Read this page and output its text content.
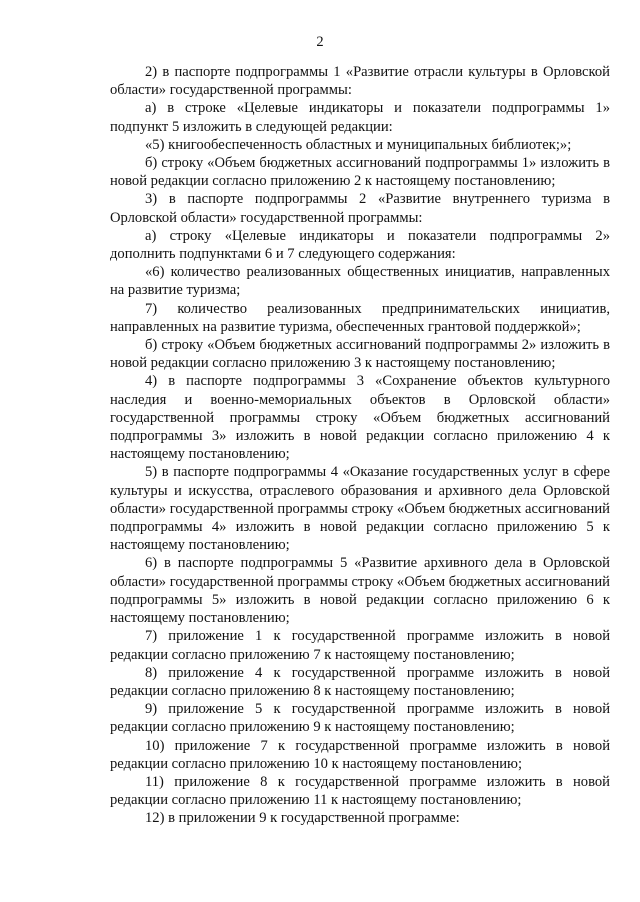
2

2) в паспорте подпрограммы 1 «Развитие отрасли культуры в Орловской области» государственной программы:

а) в строке «Целевые индикаторы и показатели подпрограммы 1» подпункт 5 изложить в следующей редакции:

«5) книгообеспеченность областных и муниципальных библиотек;»;

б) строку «Объем бюджетных ассигнований подпрограммы 1» изложить в новой редакции согласно приложению 2 к настоящему постановлению;

3) в паспорте подпрограммы 2 «Развитие внутреннего туризма в Орловской области» государственной программы:

а) строку «Целевые индикаторы и показатели подпрограммы 2» дополнить подпунктами 6 и 7 следующего содержания:

«6) количество реализованных общественных инициатив, направленных на развитие туризма;

7) количество реализованных предпринимательских инициатив, направленных на развитие туризма, обеспеченных грантовой поддержкой»;

б) строку «Объем бюджетных ассигнований подпрограммы 2» изложить в новой редакции согласно приложению 3 к настоящему постановлению;

4) в паспорте подпрограммы 3 «Сохранение объектов культурного наследия и военно-мемориальных объектов в Орловской области» государственной программы строку «Объем бюджетных ассигнований подпрограммы 3» изложить в новой редакции согласно приложению 4 к настоящему постановлению;

5) в паспорте подпрограммы 4 «Оказание государственных услуг в сфере культуры и искусства, отраслевого образования и архивного дела Орловской области» государственной программы строку «Объем бюджетных ассигнований подпрограммы 4» изложить в новой редакции согласно приложению 5 к настоящему постановлению;

6) в паспорте подпрограммы 5 «Развитие архивного дела в Орловской области» государственной программы строку «Объем бюджетных ассигнований подпрограммы 5» изложить в новой редакции согласно приложению 6 к настоящему постановлению;

7) приложение 1 к государственной программе изложить в новой редакции согласно приложению 7 к настоящему постановлению;

8) приложение 4 к государственной программе изложить в новой редакции согласно приложению 8 к настоящему постановлению;

9) приложение 5 к государственной программе изложить в новой редакции согласно приложению 9 к настоящему постановлению;

10) приложение 7 к государственной программе изложить в новой редакции согласно приложению 10 к настоящему постановлению;

11) приложение 8 к государственной программе изложить в новой редакции согласно приложению 11 к настоящему постановлению;

12) в приложении 9 к государственной программе:
